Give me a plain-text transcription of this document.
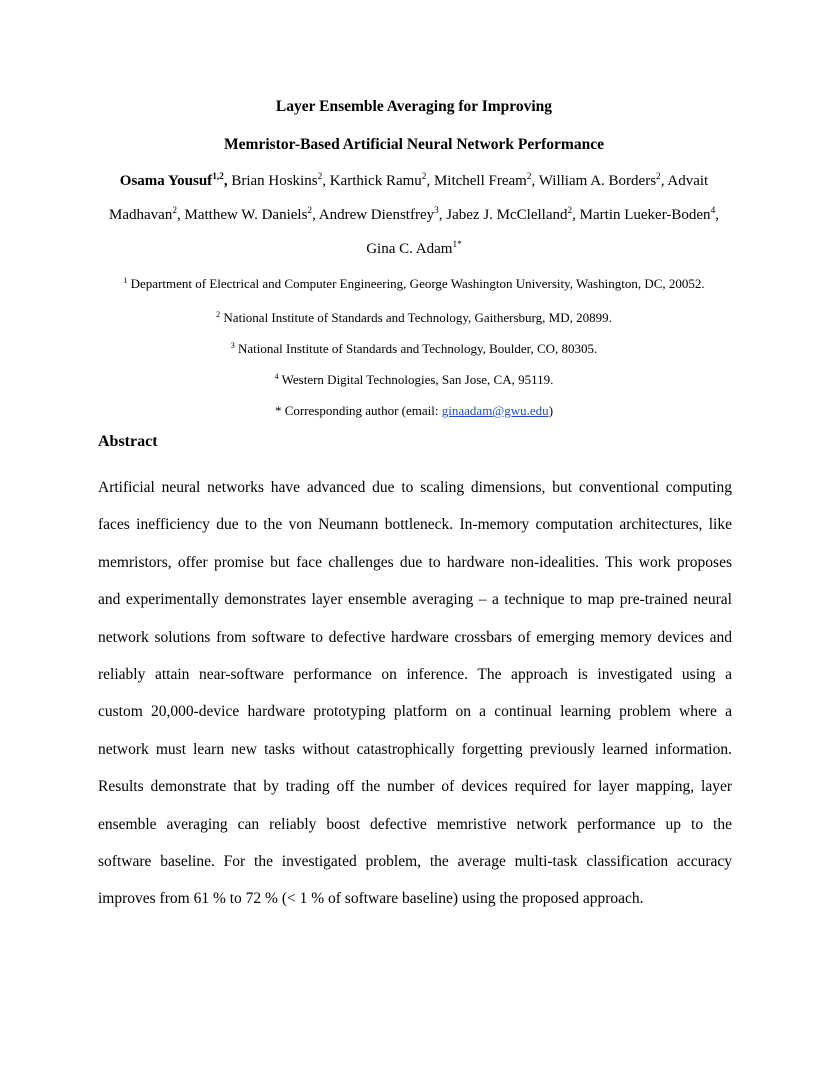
Layer Ensemble Averaging for Improving
Memristor-Based Artificial Neural Network Performance
Osama Yousuf$^{1,2}$, Brian Hoskins$^2$, Karthick Ramu$^2$, Mitchell Fream$^2$, William A. Borders$^2$, Advait
Madhavan$^2$, Matthew W. Daniels$^2$, Andrew Dienstfrey$^3$, Jabez J. McClelland$^2$, Martin Lueker-Boden$^4$,
Gina C. Adam$^{1*}$
$^1$ Department of Electrical and Computer Engineering, George Washington University, Washington, DC, 20052.
$^2$ National Institute of Standards and Technology, Gaithersburg, MD, 20899.
$^3$ National Institute of Standards and Technology, Boulder, CO, 80305.
$^4$ Western Digital Technologies, San Jose, CA, 95119.
* Corresponding author (email: ginaadam@gwu.edu)
Abstract
Artificial neural networks have advanced due to scaling dimensions, but conventional computing
faces inefficiency due to the von Neumann bottleneck. In-memory computation architectures, like
memristors, offer promise but face challenges due to hardware non-idealities. This work proposes
and experimentally demonstrates layer ensemble averaging – a technique to map pre-trained neural
network solutions from software to defective hardware crossbars of emerging memory devices and
reliably attain near-software performance on inference. The approach is investigated using a
custom 20,000-device hardware prototyping platform on a continual learning problem where a
network must learn new tasks without catastrophically forgetting previously learned information.
Results demonstrate that by trading off the number of devices required for layer mapping, layer
ensemble averaging can reliably boost defective memristive network performance up to the
software baseline. For the investigated problem, the average multi-task classification accuracy
improves from 61 % to 72 % (< 1 % of software baseline) using the proposed approach.
